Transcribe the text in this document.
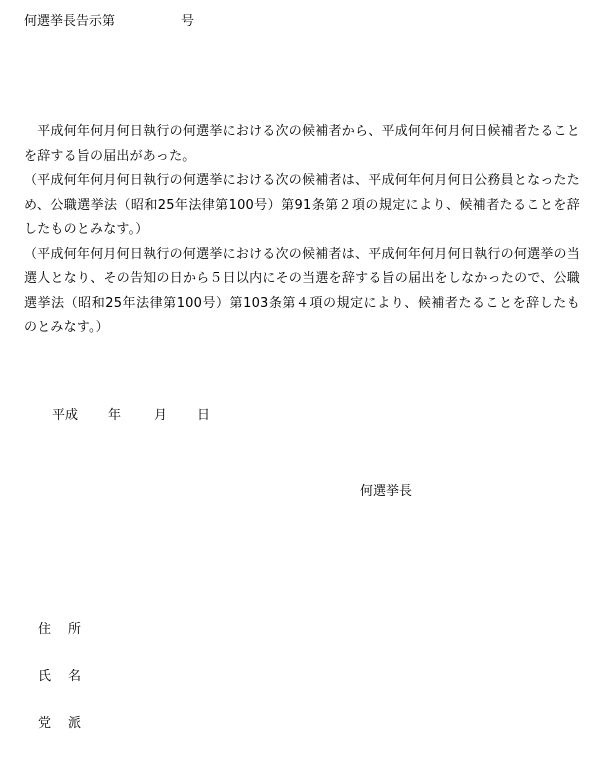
何選挙長告示第	号

　平成何年何月何日執行の何選挙における次の候補者から、平成何年何月何日候補者たることを辞する旨の届出があった。

（平成何年何月何日執行の何選挙における次の候補者は、平成何年何月何日公務員となったため、公職選挙法（昭和25年法律第100号）第91条第２項の規定により、候補者たることを辞したものとみなす。）

（平成何年何月何日執行の何選挙における次の候補者は、平成何年何月何日執行の何選挙の当選人となり、その告知の日から５日以内にその当選を辞する旨の届出をしなかったので、公職選挙法（昭和25年法律第100号）第103条第４項の規定により、候補者たることを辞したものとみなす。）

平成 年	月 日
何選挙長
住 所
氏 名
党 派
